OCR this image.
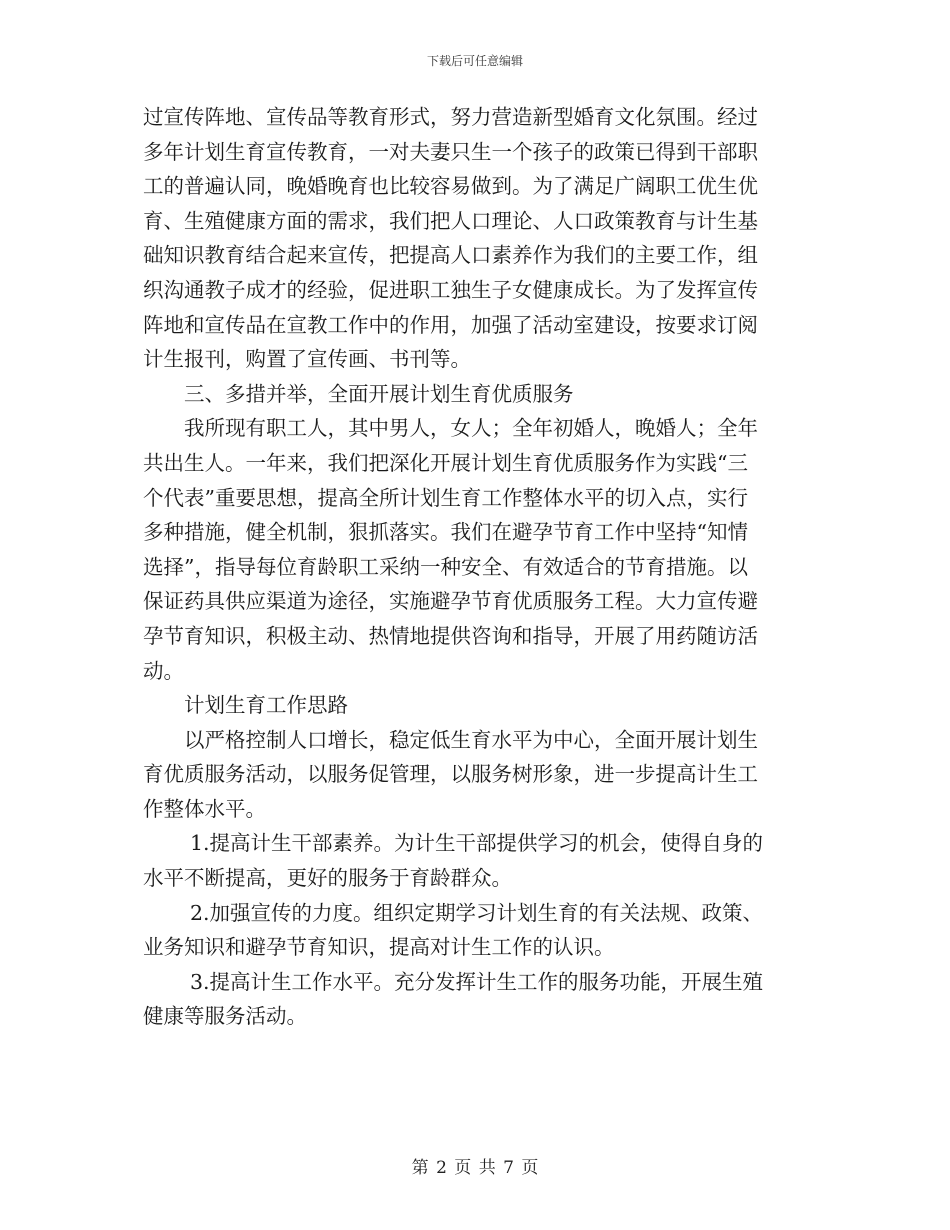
下载后可任意编辑
过宣传阵地、宣传品等教育形式，努力营造新型婚育文化氛围。经过
多年计划生育宣传教育，一对夫妻只生一个孩子的政策已得到干部职
工的普遍认同，晚婚晚育也比较容易做到。为了满足广阔职工优生优
育、生殖健康方面的需求，我们把人口理论、人口政策教育与计生基
础知识教育结合起来宣传，把提高人口素养作为我们的主要工作，组
织沟通教子成才的经验，促进职工独生子女健康成长。为了发挥宣传
阵地和宣传品在宣教工作中的作用，加强了活动室建设，按要求订阅
计生报刊，购置了宣传画、书刊等。
三、多措并举，全面开展计划生育优质服务
我所现有职工人，其中男人，女人；全年初婚人，晚婚人；全年
共出生人。一年来，我们把深化开展计划生育优质服务作为实践“三
个代表”重要思想，提高全所计划生育工作整体水平的切入点，实行
多种措施，健全机制，狠抓落实。我们在避孕节育工作中坚持“知情
选择”，指导每位育龄职工采纳一种安全、有效适合的节育措施。以
保证药具供应渠道为途径，实施避孕节育优质服务工程。大力宣传避
孕节育知识，积极主动、热情地提供咨询和指导，开展了用药随访活
动。
计划生育工作思路
以严格控制人口增长，稳定低生育水平为中心，全面开展计划生
育优质服务活动，以服务促管理，以服务树形象，进一步提高计生工
作整体水平。
1.提高计生干部素养。为计生干部提供学习的机会，使得自身的
水平不断提高，更好的服务于育龄群众。
2.加强宣传的力度。组织定期学习计划生育的有关法规、政策、
业务知识和避孕节育知识，提高对计生工作的认识。
3.提高计生工作水平。充分发挥计生工作的服务功能，开展生殖
健康等服务活动。
第 2 页 共 7 页
